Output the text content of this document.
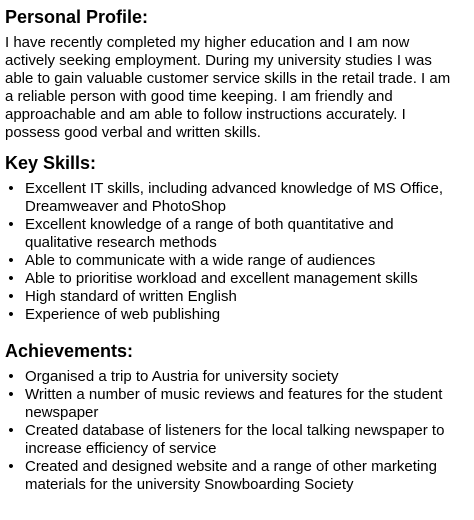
Personal Profile:

I have recently completed my higher education and I am now
actively seeking employment. During my university studies I was
able to gain valuable customer service skills in the retail trade. I am
a reliable person with good time keeping. I am friendly and
approachable and am able to follow instructions accurately. I
possess good verbal and written skills.

Key Skills:
• Excellent IT skills, including advanced knowledge of MS Office,
Dreamweaver and PhotoShop
• Excellent knowledge of a range of both quantitative and
qualitative research methods
• Able to communicate with a wide range of audiences
• Able to prioritise workload and excellent management skills
• High standard of written English
• Experience of web publishing
Achievements:
• Organised a trip to Austria for university society
• Written a number of music reviews and features for the student
newspaper
• Created database of listeners for the local talking newspaper to
increase efficiency of service
• Created and designed website and a range of other marketing
materials for the university Snowboarding Society
